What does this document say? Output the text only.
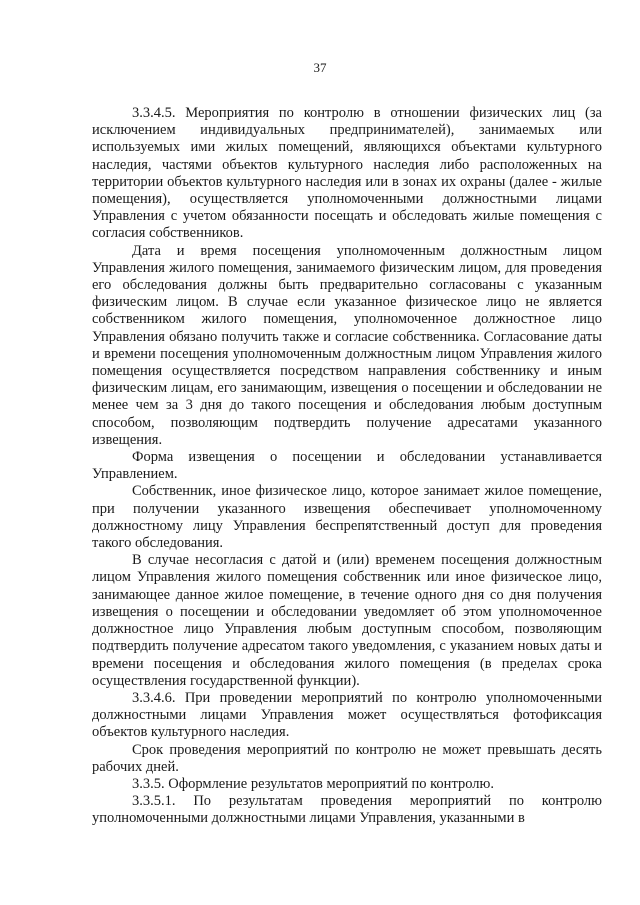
37

3.3.4.5. Мероприятия по контролю в отношении физических лиц (за исключением индивидуальных предпринимателей), занимаемых или используемых ими жилых помещений, являющихся объектами культурного наследия, частями объектов культурного наследия либо расположенных на территории объектов культурного наследия или в зонах их охраны (далее - жилые помещения), осуществляется уполномоченными должностными лицами Управления с учетом обязанности посещать и обследовать жилые помещения с согласия собственников.

Дата и время посещения уполномоченным должностным лицом Управления жилого помещения, занимаемого физическим лицом, для проведения его обследования должны быть предварительно согласованы с указанным физическим лицом. В случае если указанное физическое лицо не является собственником жилого помещения, уполномоченное должностное лицо Управления обязано получить также и согласие собственника. Согласование даты и времени посещения уполномоченным должностным лицом Управления жилого помещения осуществляется посредством направления собственнику и иным физическим лицам, его занимающим, извещения о посещении и обследовании не менее чем за 3 дня до такого посещения и обследования любым доступным способом, позволяющим подтвердить получение адресатами указанного извещения.

Форма извещения о посещении и обследовании устанавливается Управлением.

Собственник, иное физическое лицо, которое занимает жилое помещение, при получении указанного извещения обеспечивает уполномоченному должностному лицу Управления беспрепятственный доступ для проведения такого обследования.

В случае несогласия с датой и (или) временем посещения должностным лицом Управления жилого помещения собственник или иное физическое лицо, занимающее данное жилое помещение, в течение одного дня со дня получения извещения о посещении и обследовании уведомляет об этом уполномоченное должностное лицо Управления любым доступным способом, позволяющим подтвердить получение адресатом такого уведомления, с указанием новых даты и времени посещения и обследования жилого помещения (в пределах срока осуществления государственной функции).

3.3.4.6. При проведении мероприятий по контролю уполномоченными должностными лицами Управления может осуществляться фотофиксация объектов культурного наследия.

Срок проведения мероприятий по контролю не может превышать десять рабочих дней.

3.3.5. Оформление результатов мероприятий по контролю.

3.3.5.1. По результатам проведения мероприятий по контролю уполномоченными должностными лицами Управления, указанными в
